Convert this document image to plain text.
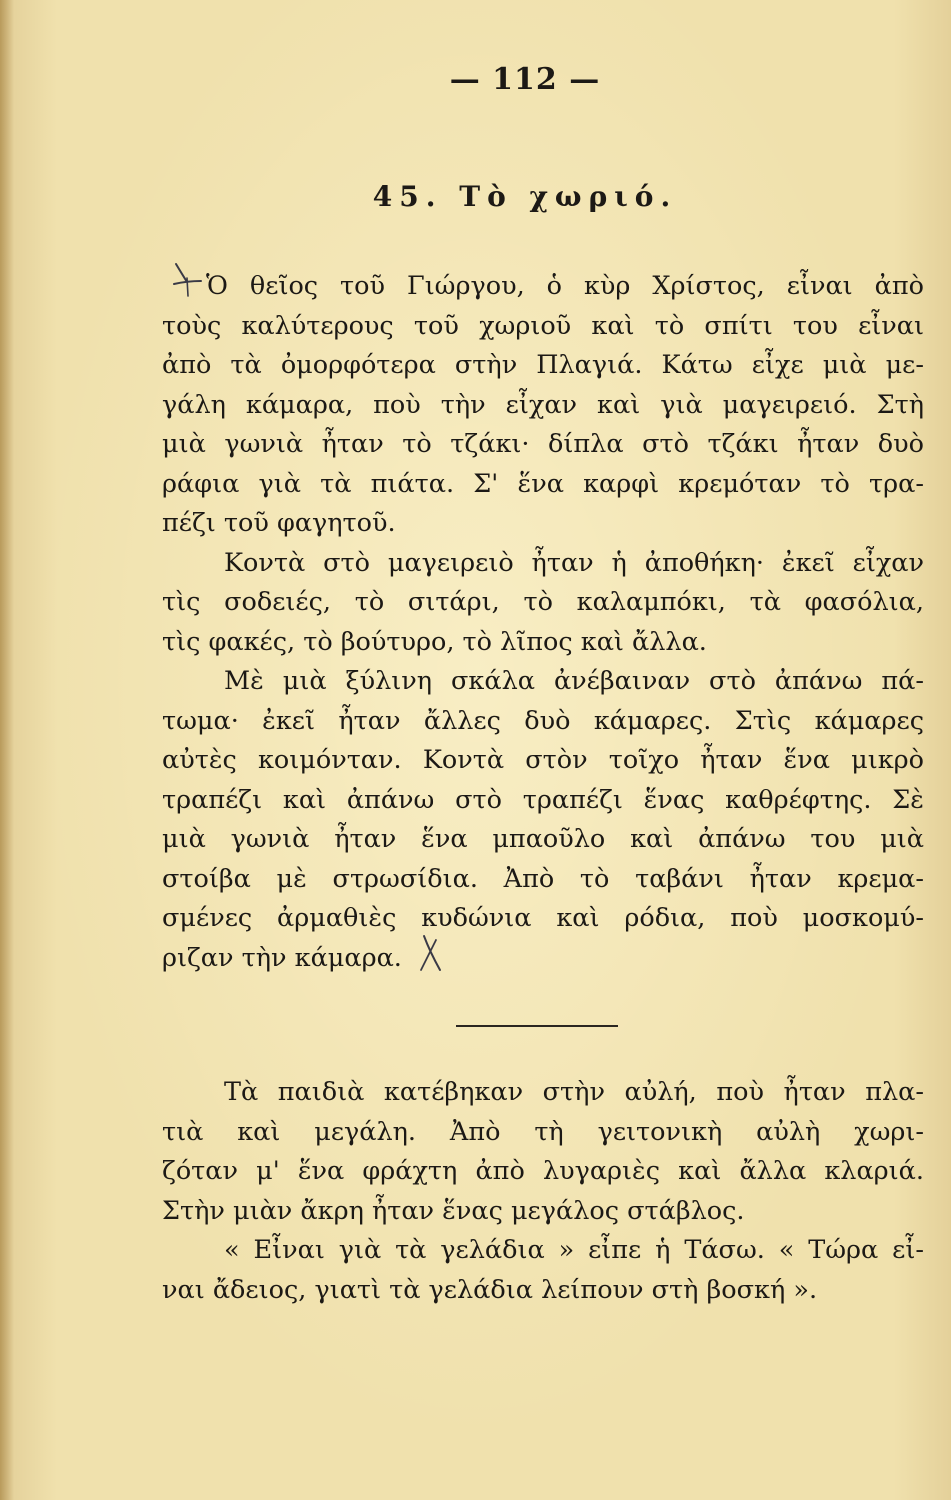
— 112 —
45. Τὸ χωριό.
Ὁ θεῖος τοῦ Γιώργου, ὁ κὺρ Χρίστος, εἶναι ἀπὸ
τοὺς καλύτερους τοῦ χωριοῦ καὶ τὸ σπίτι του εἶναι
ἀπὸ τὰ ὀμορφότερα στὴν Πλαγιά. Κάτω εἶχε μιὰ με-
γάλη κάμαρα, ποὺ τὴν εἶχαν καὶ γιὰ μαγειρειό. Στὴ
μιὰ γωνιὰ ἦταν τὸ τζάκι· δίπλα στὸ τζάκι ἦταν δυὸ
ράφια γιὰ τὰ πιάτα. Σ' ἕνα καρφὶ κρεμόταν τὸ τρα-
πέζι τοῦ φαγητοῦ.
Κοντὰ στὸ μαγειρειὸ ἦταν ἡ ἀποθήκη· ἐκεῖ εἶχαν
τὶς σοδειές, τὸ σιτάρι, τὸ καλαμπόκι, τὰ φασόλια,
τὶς φακές, τὸ βούτυρο, τὸ λῖπος καὶ ἄλλα.
Μὲ μιὰ ξύλινη σκάλα ἀνέβαιναν στὸ ἀπάνω πά-
τωμα· ἐκεῖ ἦταν ἄλλες δυὸ κάμαρες. Στὶς κάμαρες
αὐτὲς κοιμόνταν. Κοντὰ στὸν τοῖχο ἦταν ἕνα μικρὸ
τραπέζι καὶ ἀπάνω στὸ τραπέζι ἕνας καθρέφτης. Σὲ
μιὰ γωνιὰ ἦταν ἕνα μπαοῦλο καὶ ἀπάνω του μιὰ
στοίβα μὲ στρωσίδια. Ἀπὸ τὸ ταβάνι ἦταν κρεμα-
σμένες ἀρμαθιὲς κυδώνια καὶ ρόδια, ποὺ μοσκομύ-
ριζαν τὴν κάμαρα.
Τὰ παιδιὰ κατέβηκαν στὴν αὐλή, ποὺ ἦταν πλα-
τιὰ καὶ μεγάλη. Ἀπὸ τὴ γειτονικὴ αὐλὴ χωρι-
ζόταν μ' ἕνα φράχτη ἀπὸ λυγαριὲς καὶ ἄλλα κλαριά.
Στὴν μιὰν ἄκρη ἦταν ἕνας μεγάλος στάβλος.
« Εἶναι γιὰ τὰ γελάδια » εἶπε ἡ Τάσω. « Τώρα εἶ-
ναι ἄδειος, γιατὶ τὰ γελάδια λείπουν στὴ βοσκή ».
